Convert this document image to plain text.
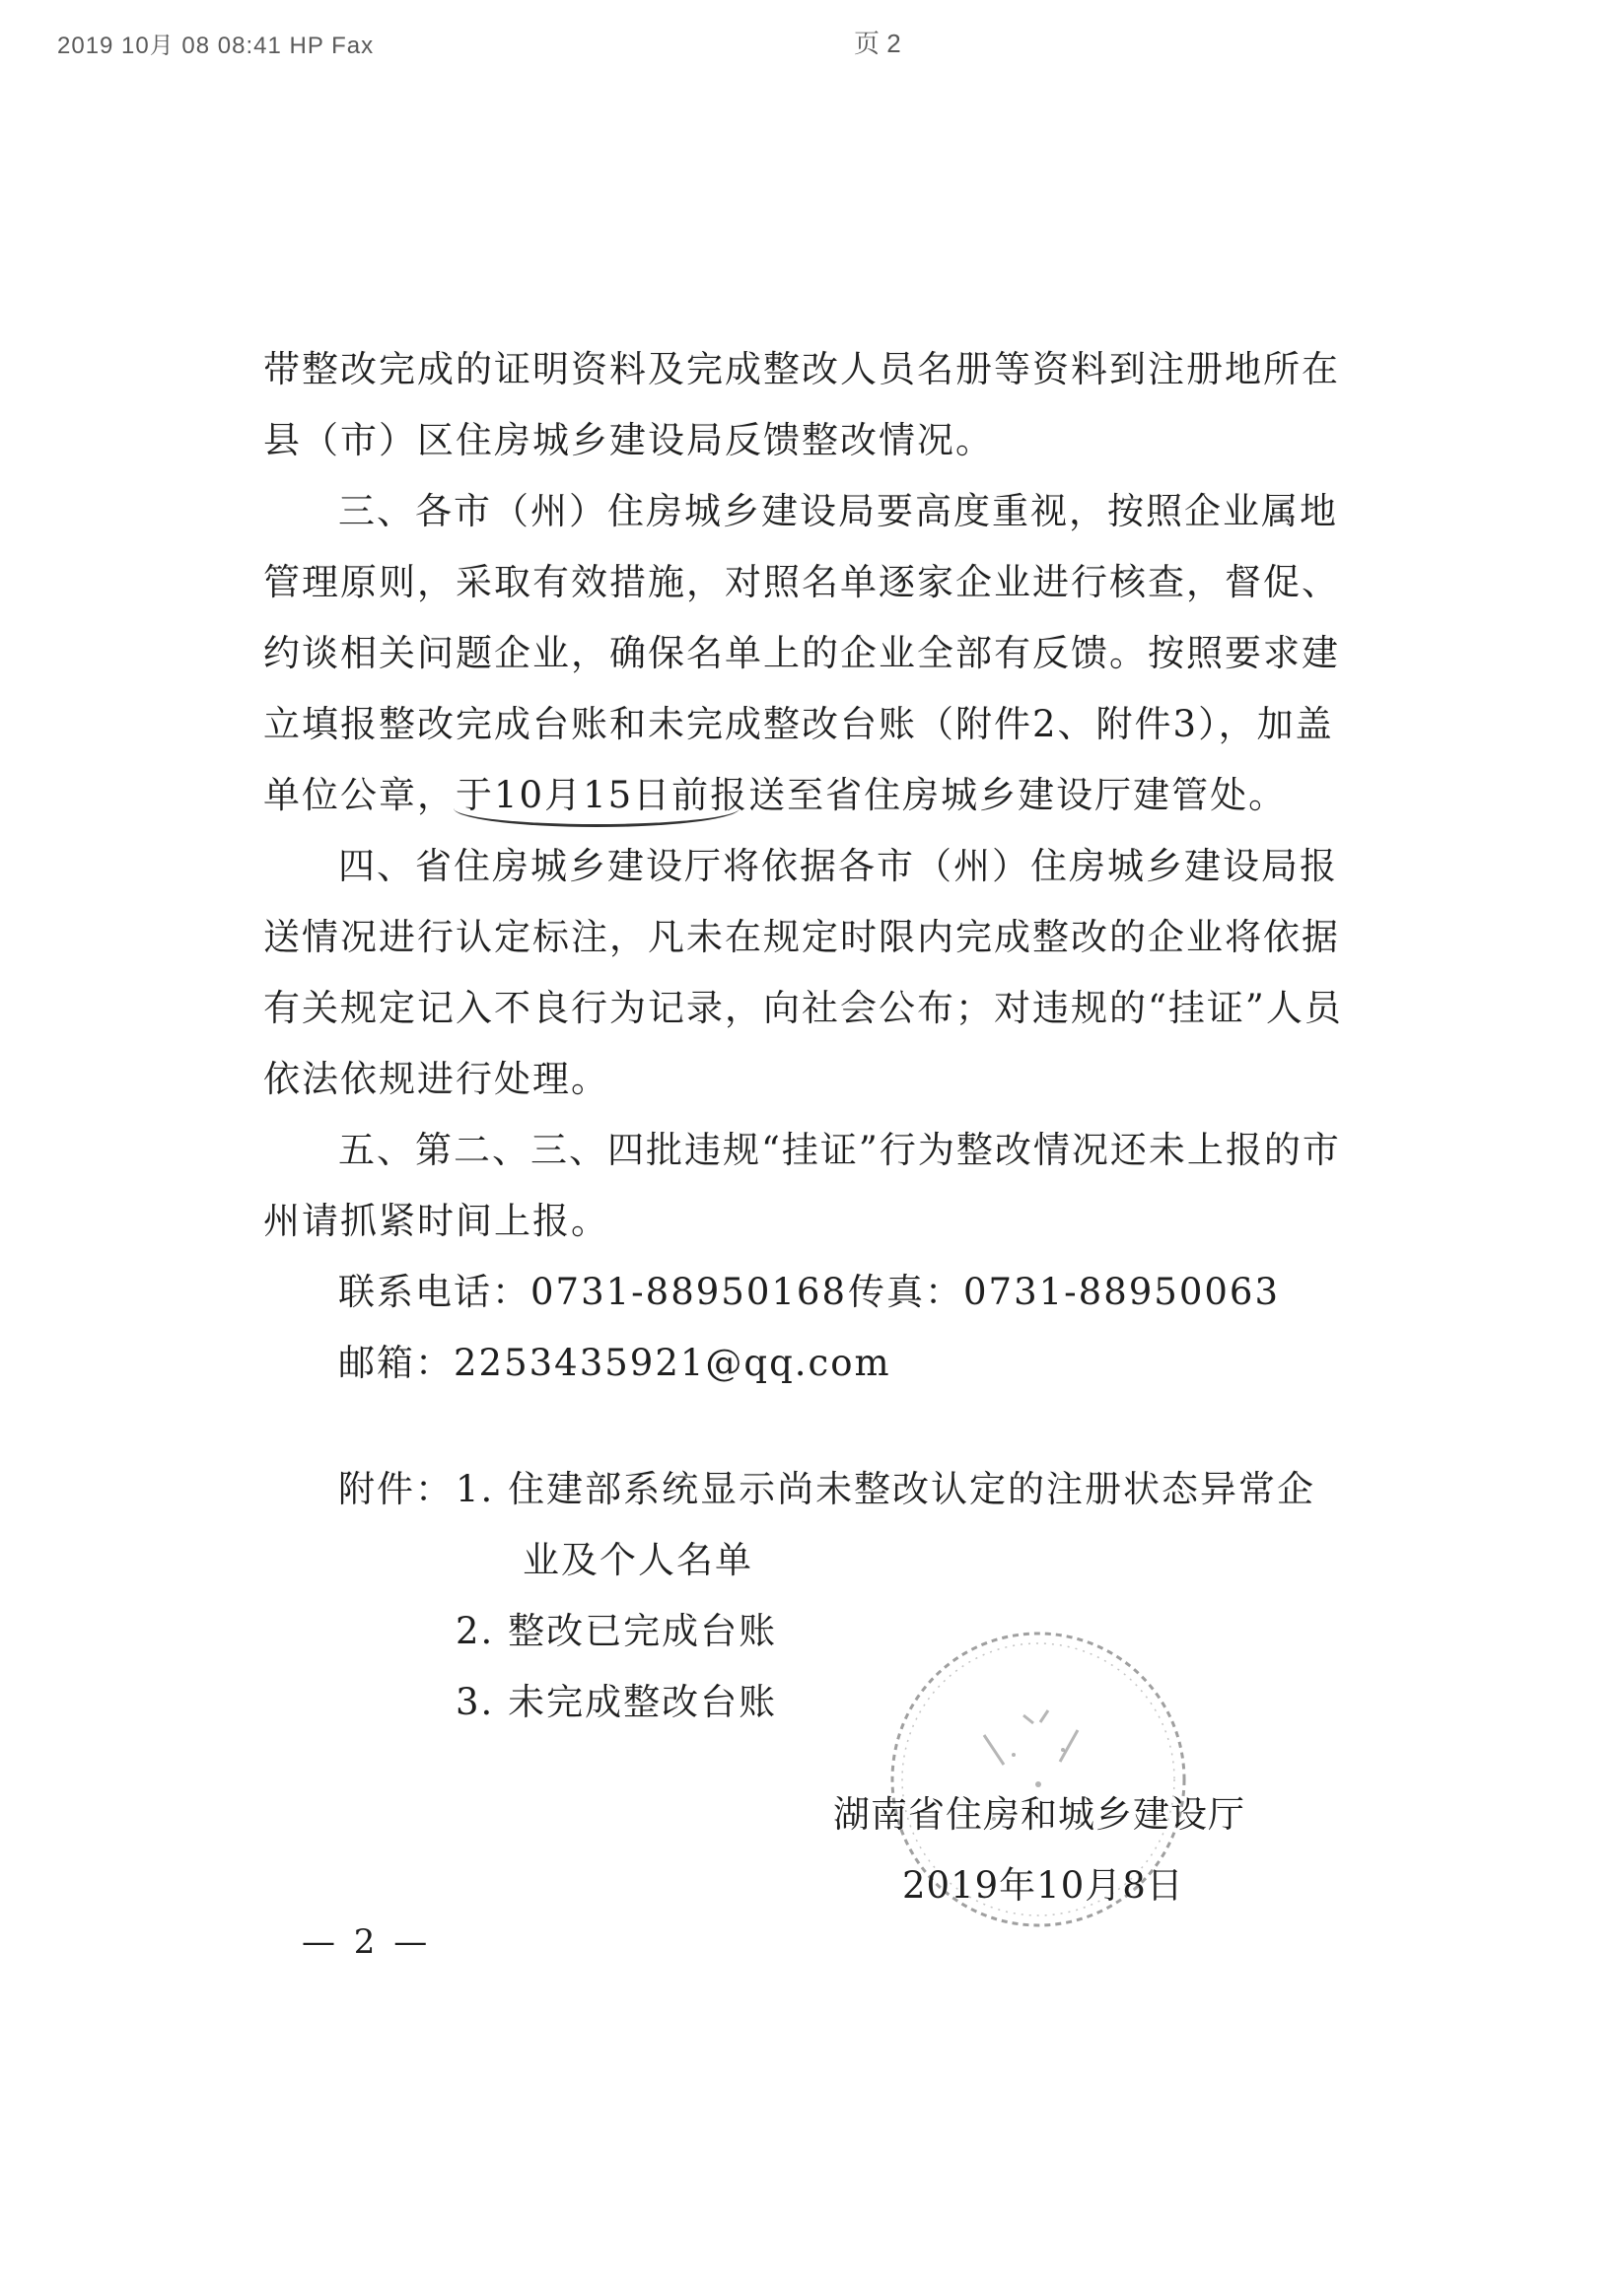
2019 10月 08 08:41 HP Fax	页 2
带整改完成的证明资料及完成整改人员名册等资料到注册地所在
县（市）区住房城乡建设局反馈整改情况。
三、各市（州）住房城乡建设局要高度重视，按照企业属地
管理原则，采取有效措施，对照名单逐家企业进行核查，督促、
约谈相关问题企业，确保名单上的企业全部有反馈。按照要求建
立填报整改完成台账和未完成整改台账（附件2、附件3），加盖
单位公章，于10月15日前报送至省住房城乡建设厅建管处。
四、省住房城乡建设厅将依据各市（州）住房城乡建设局报
送情况进行认定标注，凡未在规定时限内完成整改的企业将依据
有关规定记入不良行为记录，向社会公布；对违规的“挂证”人员
依法依规进行处理。
五、第二、三、四批违规“挂证”行为整改情况还未上报的市
州请抓紧时间上报。
联系电话：0731-88950168 传真：0731-88950063
邮箱：2253435921@qq.com
附件： 1. 住建部系统显示尚未整改认定的注册状态异常企
业及个人名单
2. 整改已完成台账
3. 未完成整改台账
湖南省住房和城乡建设厅
2019年10月8日
— 2 —
